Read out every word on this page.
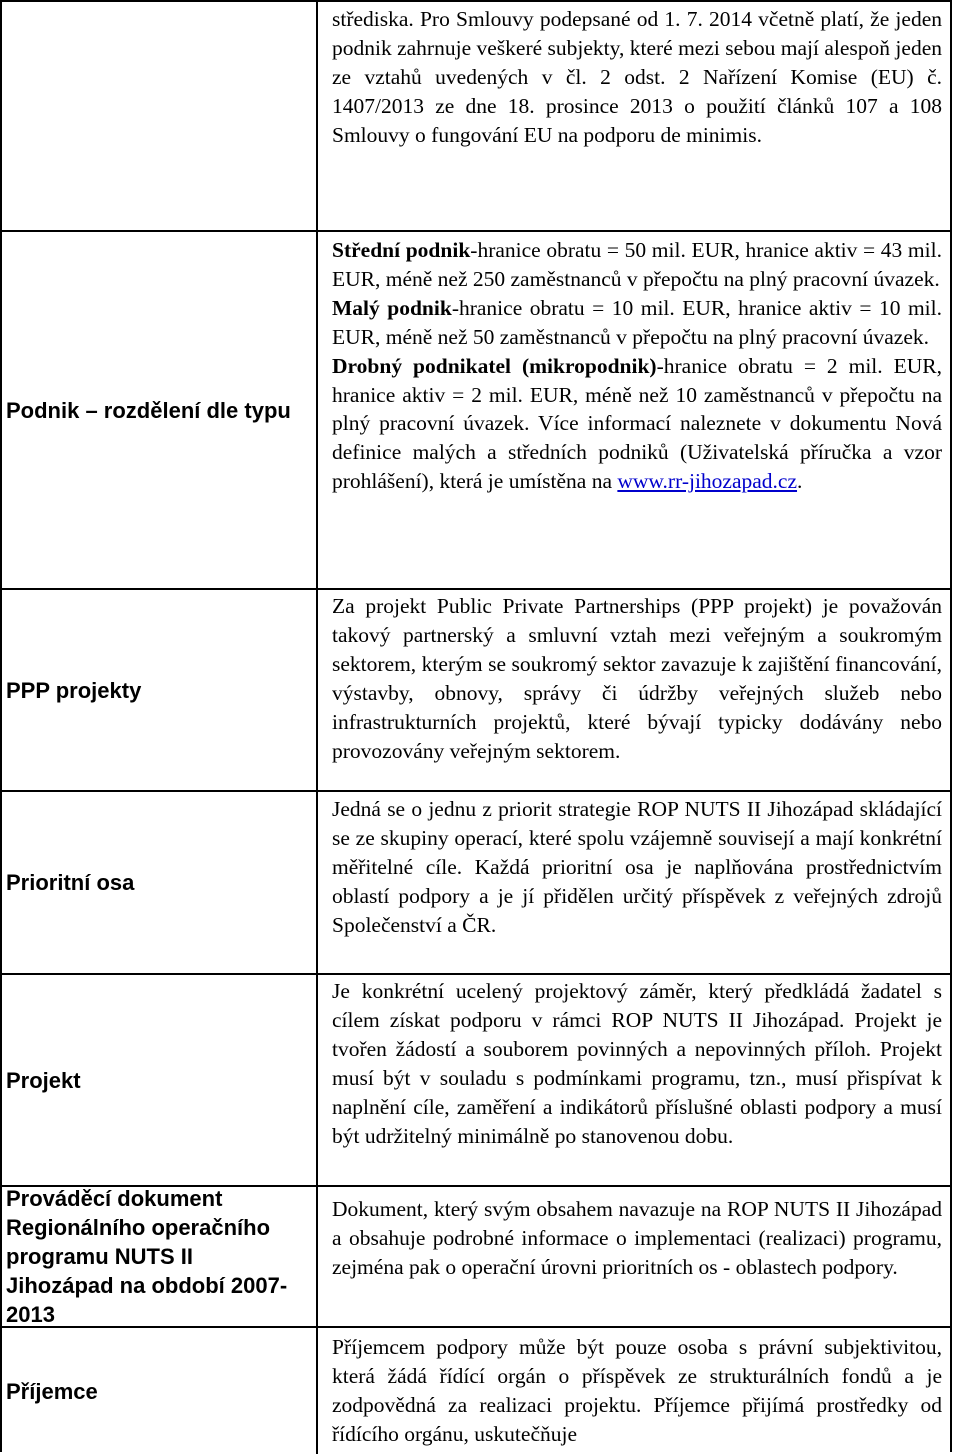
střediska. Pro Smlouvy podepsané od 1. 7. 2014 včetně platí, že jeden podnik zahrnuje veškeré subjekty, které mezi sebou mají alespoň jeden ze vztahů uvedených v čl. 2 odst. 2 Nařízení Komise (EU) č. 1407/2013 ze dne 18. prosince 2013 o použití článků 107 a 108 Smlouvy o fungování EU na podporu de minimis.

Podnik – rozdělení dle typu

Střední podnik-hranice obratu = 50 mil. EUR, hranice aktiv = 43 mil. EUR, méně než 250 zaměstnanců v přepočtu na plný pracovní úvazek.
Malý podnik-hranice obratu = 10 mil. EUR, hranice aktiv = 10 mil. EUR, méně než 50 zaměstnanců v přepočtu na plný pracovní úvazek.
Drobný podnikatel (mikropodnik)-hranice obratu = 2 mil. EUR, hranice aktiv = 2 mil. EUR, méně než 10 zaměstnanců v přepočtu na plný pracovní úvazek. Více informací naleznete v dokumentu Nová definice malých a středních podniků (Uživatelská příručka a vzor prohlášení), která je umístěna na www.rr-jihozapad.cz.

PPP projekty

Za projekt Public Private Partnerships (PPP projekt) je považován takový partnerský a smluvní vztah mezi veřejným a soukromým sektorem, kterým se soukromý sektor zavazuje k zajištění financování, výstavby, obnovy, správy či údržby veřejných služeb nebo infrastrukturních projektů, které bývají typicky dodávány nebo provozovány veřejným sektorem.

Prioritní osa

Jedná se o jednu z priorit strategie ROP NUTS II Jihozápad skládající se ze skupiny operací, které spolu vzájemně souvisejí a mají konkrétní měřitelné cíle. Každá prioritní osa je naplňována prostřednictvím oblastí podpory a je jí přidělen určitý příspěvek z veřejných zdrojů Společenství a ČR.

Projekt

Je konkrétní ucelený projektový záměr, který předkládá žadatel s cílem získat podporu v rámci ROP NUTS II Jihozápad. Projekt je tvořen žádostí a souborem povinných a nepovinných příloh. Projekt musí být v souladu s podmínkami programu, tzn., musí přispívat k naplnění cíle, zaměření a indikátorů příslušné oblasti podpory a musí být udržitelný minimálně po stanovenou dobu.

Prováděcí dokument Regionálního operačního programu NUTS II Jihozápad na období 2007-2013

Dokument, který svým obsahem navazuje na ROP NUTS II Jihozápad a obsahuje podrobné informace o implementaci (realizaci) programu, zejména pak o operační úrovni prioritních os - oblastech podpory.

Příjemce

Příjemcem podpory může být pouze osoba s právní subjektivitou, která žádá řídící orgán o příspěvek ze strukturálních fondů a je zodpovědná za realizaci projektu. Příjemce přijímá prostředky od řídícího orgánu, uskutečňuje
